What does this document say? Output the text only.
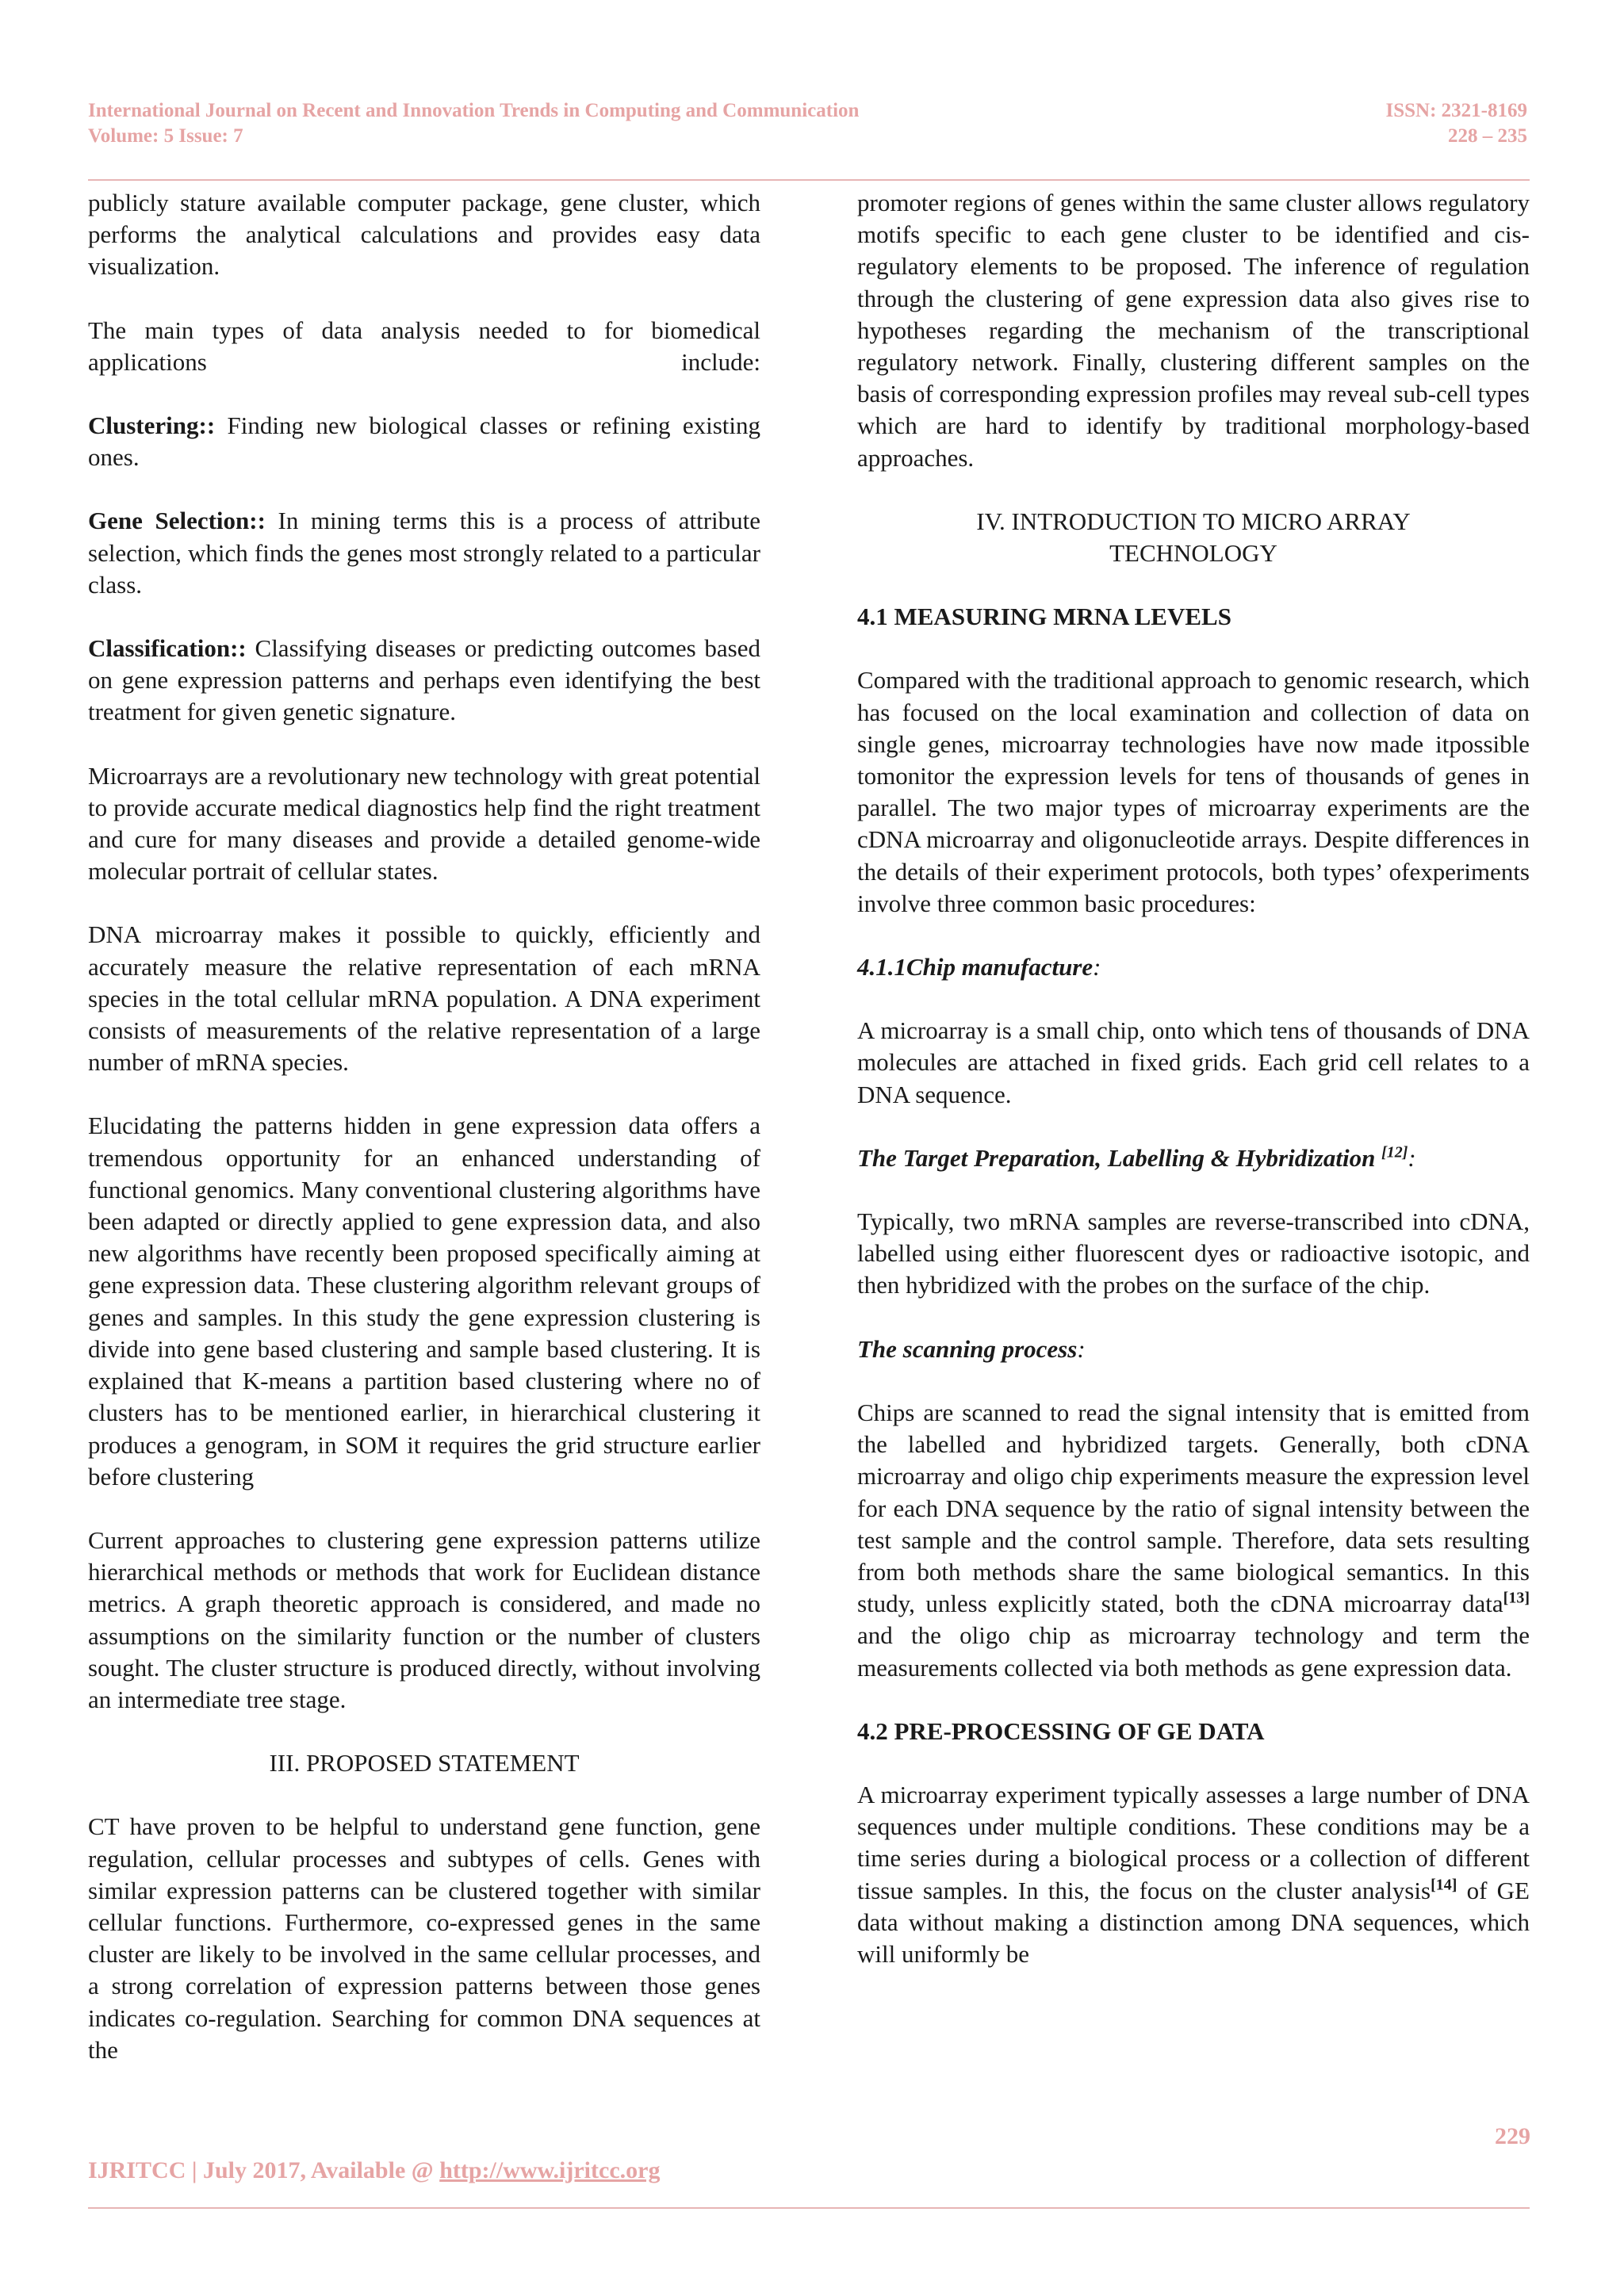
International Journal on Recent and Innovation Trends in Computing and Communication
Volume: 5 Issue: 7
ISSN: 2321-8169
228 – 235

publicly stature available computer package, gene cluster, which performs the analytical calculations and provides easy data visualization.

The main types of data analysis needed to for biomedical applications include:

Clustering:: Finding new biological classes or refining existing ones.

Gene Selection:: In mining terms this is a process of attribute selection, which finds the genes most strongly related to a particular class.

Classification:: Classifying diseases or predicting outcomes based on gene expression patterns and perhaps even identifying the best treatment for given genetic signature.

Microarrays are a revolutionary new technology with great potential to provide accurate medical diagnostics help find the right treatment and cure for many diseases and provide a detailed genome-wide molecular portrait of cellular states.

DNA microarray makes it possible to quickly, efficiently and accurately measure the relative representation of each mRNA species in the total cellular mRNA population. A DNA experiment consists of measurements of the relative representation of a large number of mRNA species.

Elucidating the patterns hidden in gene expression data offers a tremendous opportunity for an enhanced understanding of functional genomics. Many conventional clustering algorithms have been adapted or directly applied to gene expression data, and also new algorithms have recently been proposed specifically aiming at gene expression data. These clustering algorithm relevant groups of genes and samples. In this study the gene expression clustering is divide into gene based clustering and sample based clustering. It is explained that K-means a partition based clustering where no of clusters has to be mentioned earlier, in hierarchical clustering it produces a genogram, in SOM it requires the grid structure earlier before clustering

Current approaches to clustering gene expression patterns utilize hierarchical methods or methods that work for Euclidean distance metrics. A graph theoretic approach is considered, and made no assumptions on the similarity function or the number of clusters sought. The cluster structure is produced directly, without involving an intermediate tree stage.

III. PROPOSED STATEMENT

CT have proven to be helpful to understand gene function, gene regulation, cellular processes and subtypes of cells. Genes with similar expression patterns can be clustered together with similar cellular functions. Furthermore, co-expressed genes in the same cluster are likely to be involved in the same cellular processes, and a strong correlation of expression patterns between those genes indicates co-regulation. Searching for common DNA sequences at the

promoter regions of genes within the same cluster allows regulatory motifs specific to each gene cluster to be identified and cis-regulatory elements to be proposed. The inference of regulation through the clustering of gene expression data also gives rise to hypotheses regarding the mechanism of the transcriptional regulatory network. Finally, clustering different samples on the basis of corresponding expression profiles may reveal sub-cell types which are hard to identify by traditional morphology-based approaches.

IV. INTRODUCTION TO MICRO ARRAY
TECHNOLOGY
4.1 MEASURING MRNA LEVELS

Compared with the traditional approach to genomic research, which has focused on the local examination and collection of data on single genes, microarray technologies have now made itpossible tomonitor the expression levels for tens of thousands of genes in parallel. The two major types of microarray experiments are the cDNA microarray and oligonucleotide arrays. Despite differences in the details of their experiment protocols, both types’ ofexperiments involve three common basic procedures:

4.1.1Chip manufacture:

A microarray is a small chip, onto which tens of thousands of DNA molecules are attached in fixed grids. Each grid cell relates to a DNA sequence.

The Target Preparation, Labelling & Hybridization [12]:

Typically, two mRNA samples are reverse-transcribed into cDNA, labelled using either fluorescent dyes or radioactive isotopic, and then hybridized with the probes on the surface of the chip.

The scanning process:

Chips are scanned to read the signal intensity that is emitted from the labelled and hybridized targets. Generally, both cDNA microarray and oligo chip experiments measure the expression level for each DNA sequence by the ratio of signal intensity between the test sample and the control sample. Therefore, data sets resulting from both methods share the same biological semantics. In this study, unless explicitly stated, both the cDNA microarray data[13] and the oligo chip as microarray technology and term the measurements collected via both methods as gene expression data.

4.2 PRE-PROCESSING OF GE DATA

A microarray experiment typically assesses a large number of DNA sequences under multiple conditions. These conditions may be a time series during a biological process or a collection of different tissue samples. In this, the focus on the cluster analysis[14] of GE data without making a distinction among DNA sequences, which will uniformly be

229
IJRITCC | July 2017, Available @ http://www.ijritcc.org
